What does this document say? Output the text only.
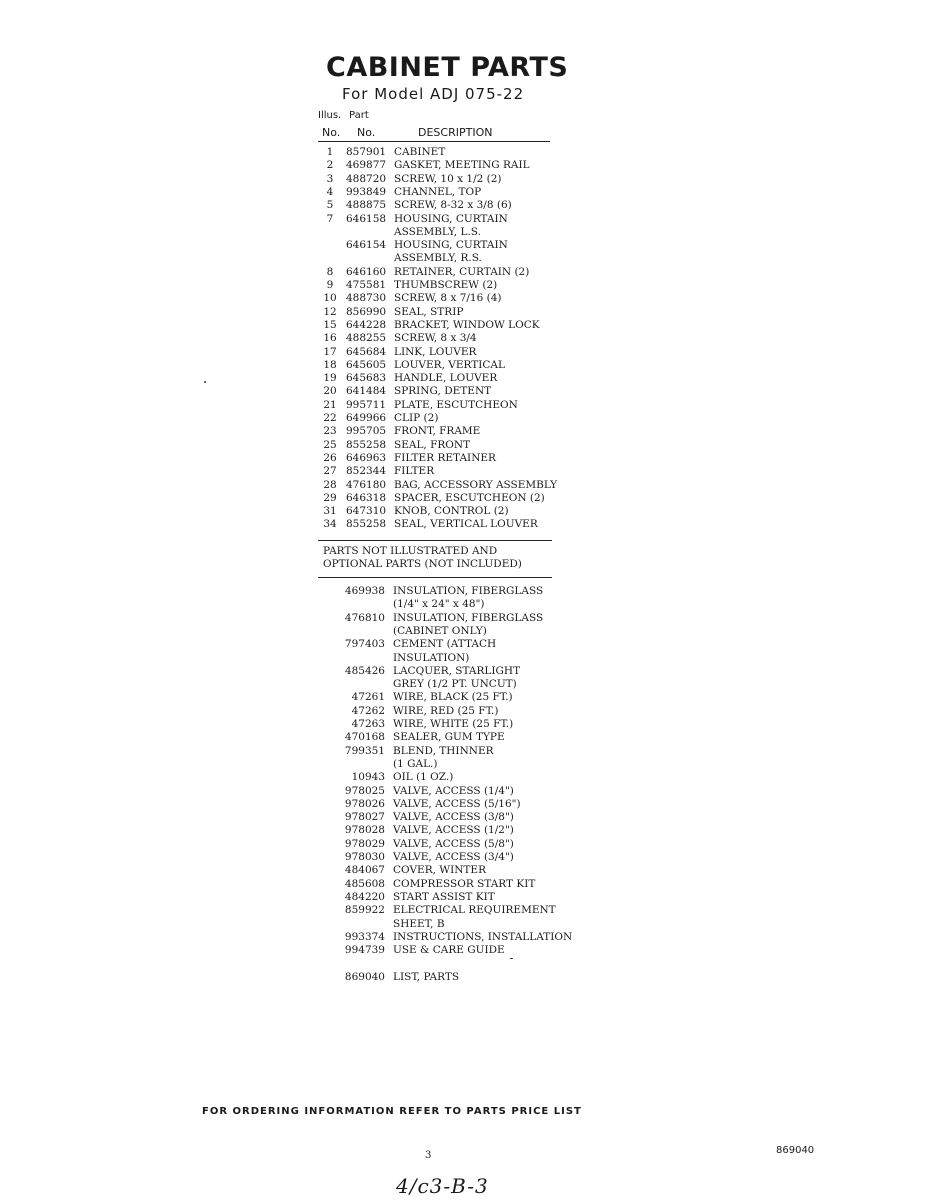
CABINET PARTS
For Model ADJ 075-22
Illus. Part
No. No.	DESCRIPTION
1	857901 CABINET
2	469877 GASKET, MEETING RAIL
3	488720 SCREW, 10 x 1/2 (2)
4	993849 CHANNEL, TOP
5	488875 SCREW, 8-32 x 3/8 (6)
7	646158 HOUSING, CURTAIN
ASSEMBLY, L.S.
646154 HOUSING, CURTAIN
ASSEMBLY, R.S.
8	646160 RETAINER, CURTAIN (2)
9	475581 THUMBSCREW (2)
10 488730 SCREW, 8 x 7/16 (4)
12 856990 SEAL, STRIP
15 644228 BRACKET, WINDOW LOCK
16 488255 SCREW, 8 x 3/4
17 645684 LINK, LOUVER
18 645605 LOUVER, VERTICAL
19 645683 HANDLE, LOUVER
20 641484 SPRING, DETENT
21 995711 PLATE, ESCUTCHEON
22 649966 CLIP (2)
23 995705 FRONT, FRAME
25 855258 SEAL, FRONT
26 646963 FILTER RETAINER
27 852344 FILTER
28 476180 BAG, ACCESSORY ASSEMBLY
29 646318 SPACER, ESCUTCHEON (2)
31 647310 KNOB, CONTROL (2)
34 855258 SEAL, VERTICAL LOUVER
PARTS NOT ILLUSTRATED AND
OPTIONAL PARTS (NOT INCLUDED)
469938 INSULATION, FIBERGLASS
(1/4" x 24" x 48")
476810 INSULATION, FIBERGLASS
(CABINET ONLY)
797403 CEMENT (ATTACH
INSULATION)
485426 LACQUER, STARLIGHT
GREY (1/2 PT. UNCUT)
47261 WIRE, BLACK (25 FT.)
47262 WIRE, RED (25 FT.)
47263 WIRE, WHITE (25 FT.)
470168 SEALER, GUM TYPE
799351 BLEND, THINNER
(1 GAL.)
10943 OIL (1 OZ.)
978025 VALVE, ACCESS (1/4")
978026 VALVE, ACCESS (5/16")
978027 VALVE, ACCESS (3/8")
978028 VALVE, ACCESS (1/2")
978029 VALVE, ACCESS (5/8")
978030 VALVE, ACCESS (3/4")
484067 COVER, WINTER
485608 COMPRESSOR START KIT
484220 START ASSIST KIT
859922 ELECTRICAL REQUIREMENT
SHEET, B
993374 INSTRUCTIONS, INSTALLATION
994739 USE & CARE GUIDE
869040 LIST, PARTS
FOR ORDERING INFORMATION REFER TO PARTS PRICE LIST
3	869040
4/c3-B-3
